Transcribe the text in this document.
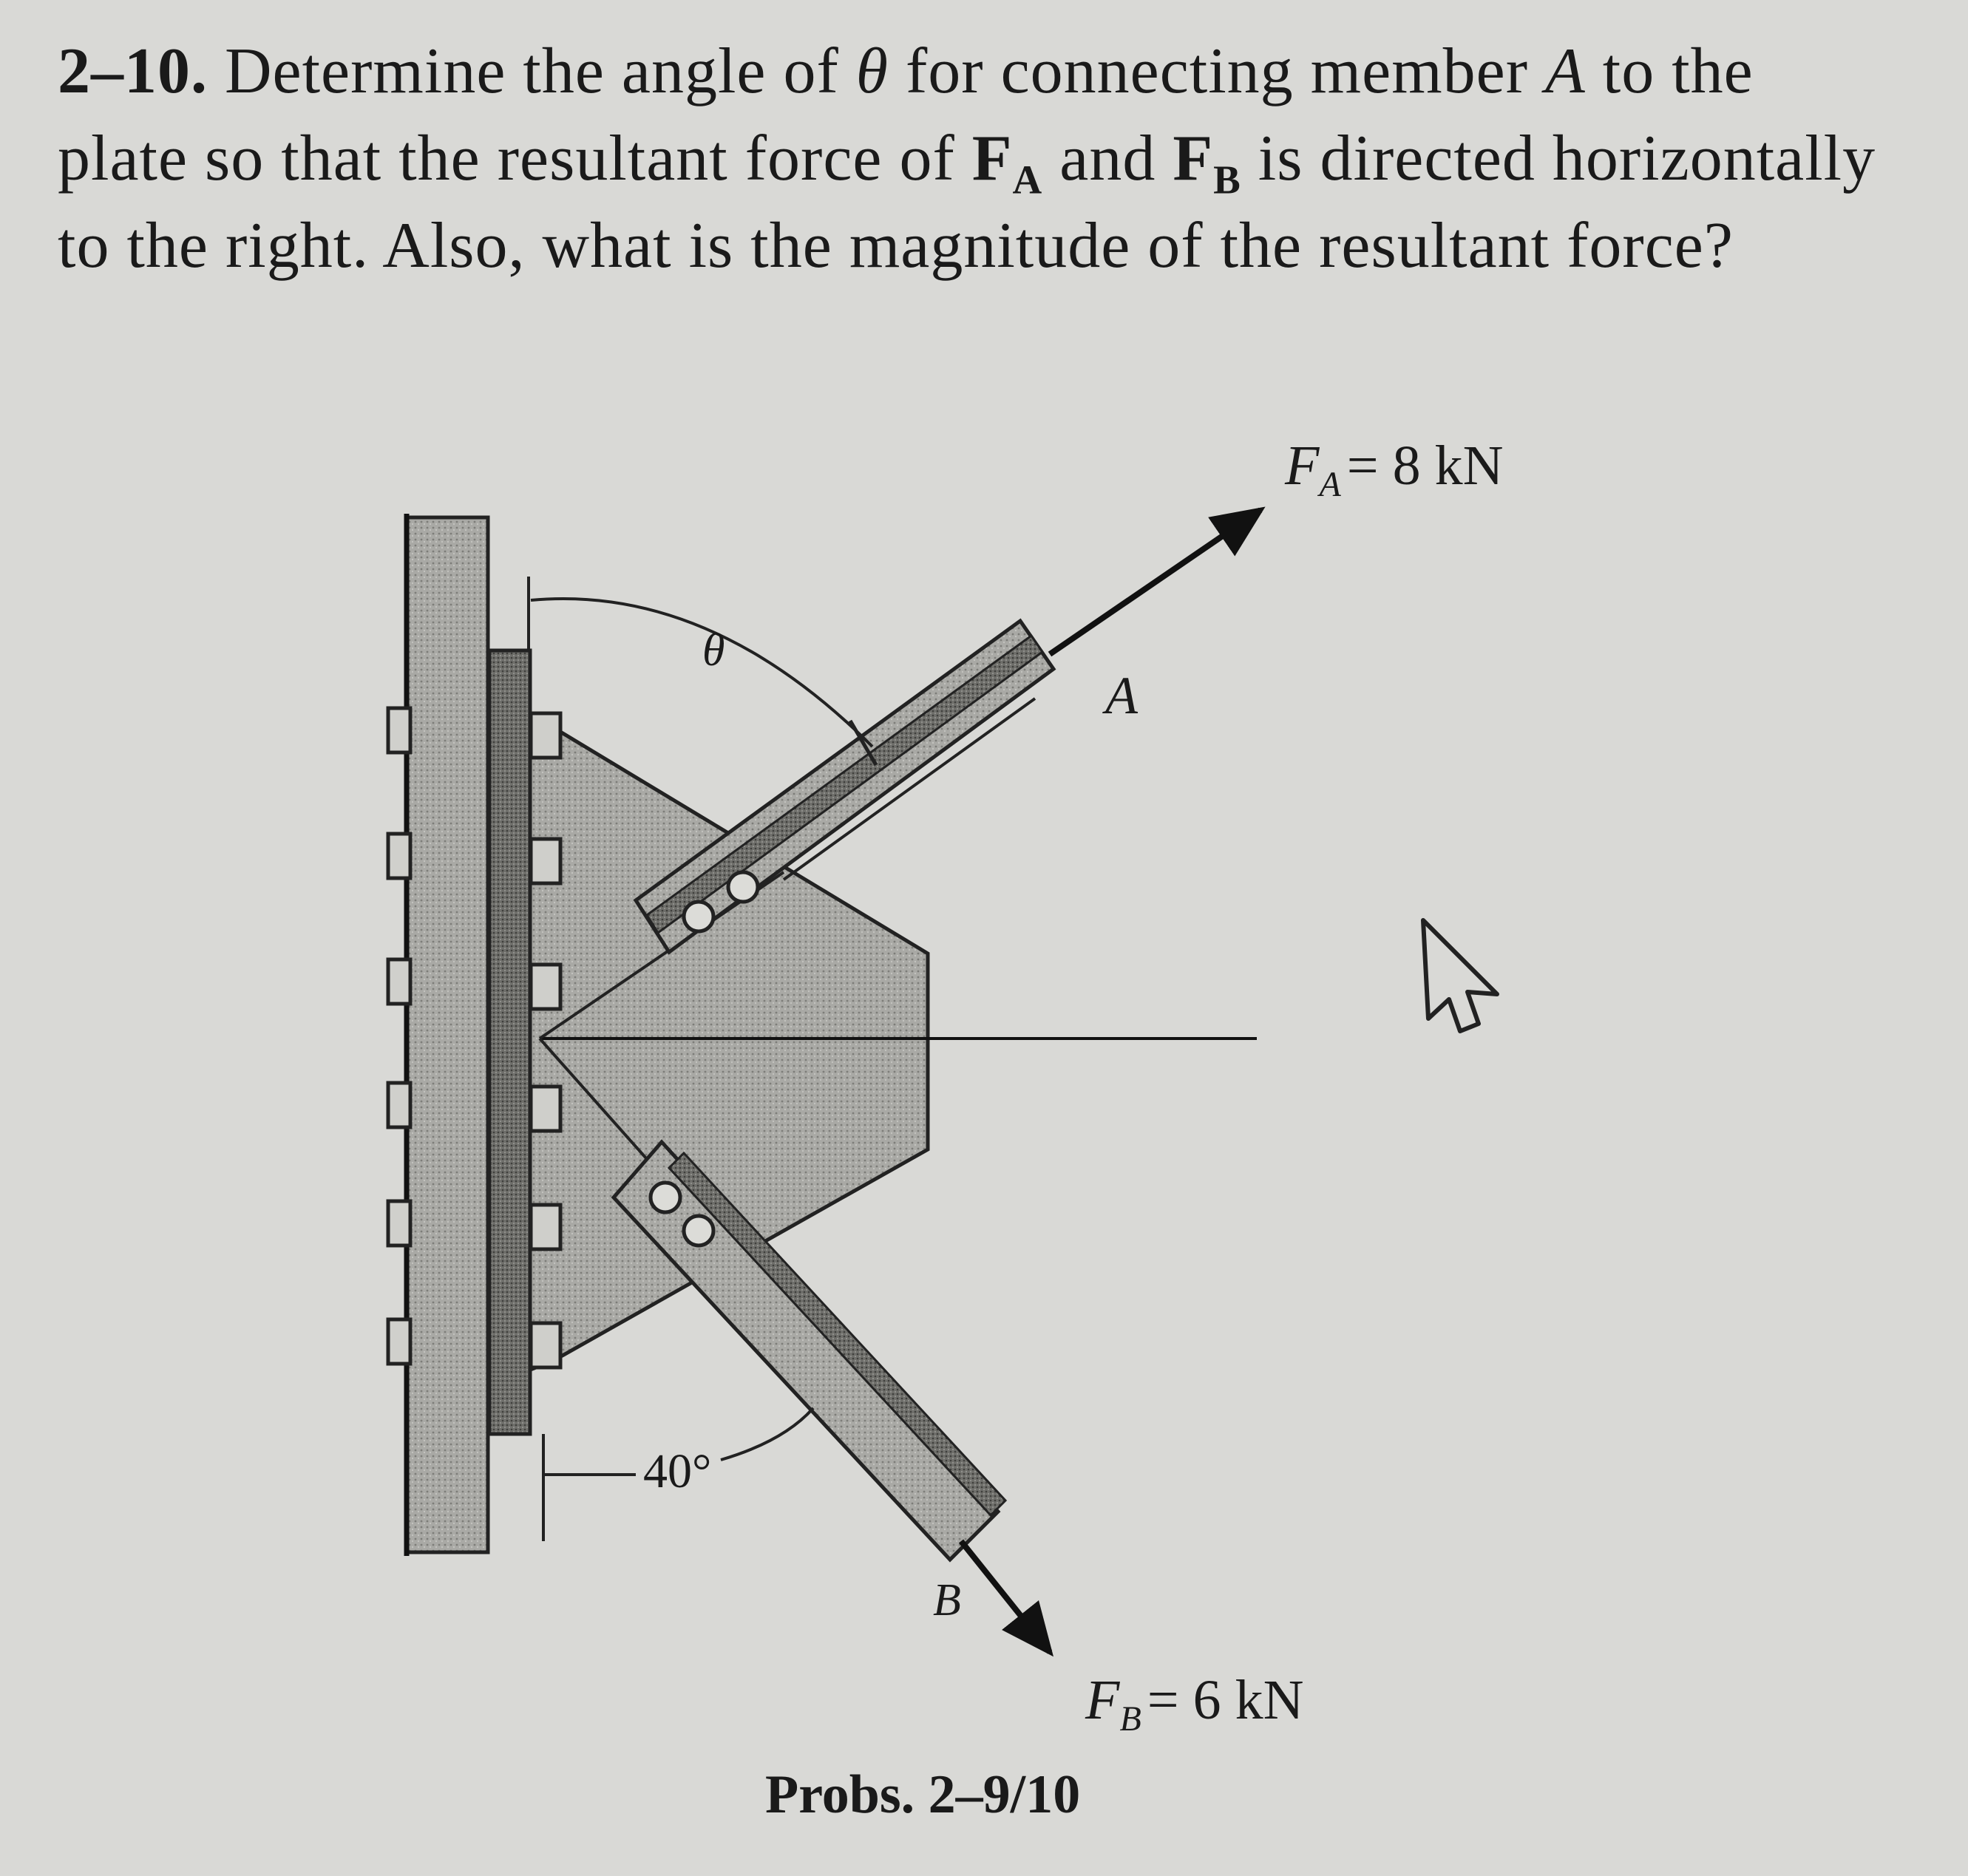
2–10. Determine the angle of θ for connecting member A to the plate so that the resultant force of $F_A$ and $F_B$ is directed horizontally to the right. Also, what is the magnitude of the resultant force?
$F_A = 8$ kN
$F_B = 6$ kN
A
B
θ
40°
Probs. 2–9/10
